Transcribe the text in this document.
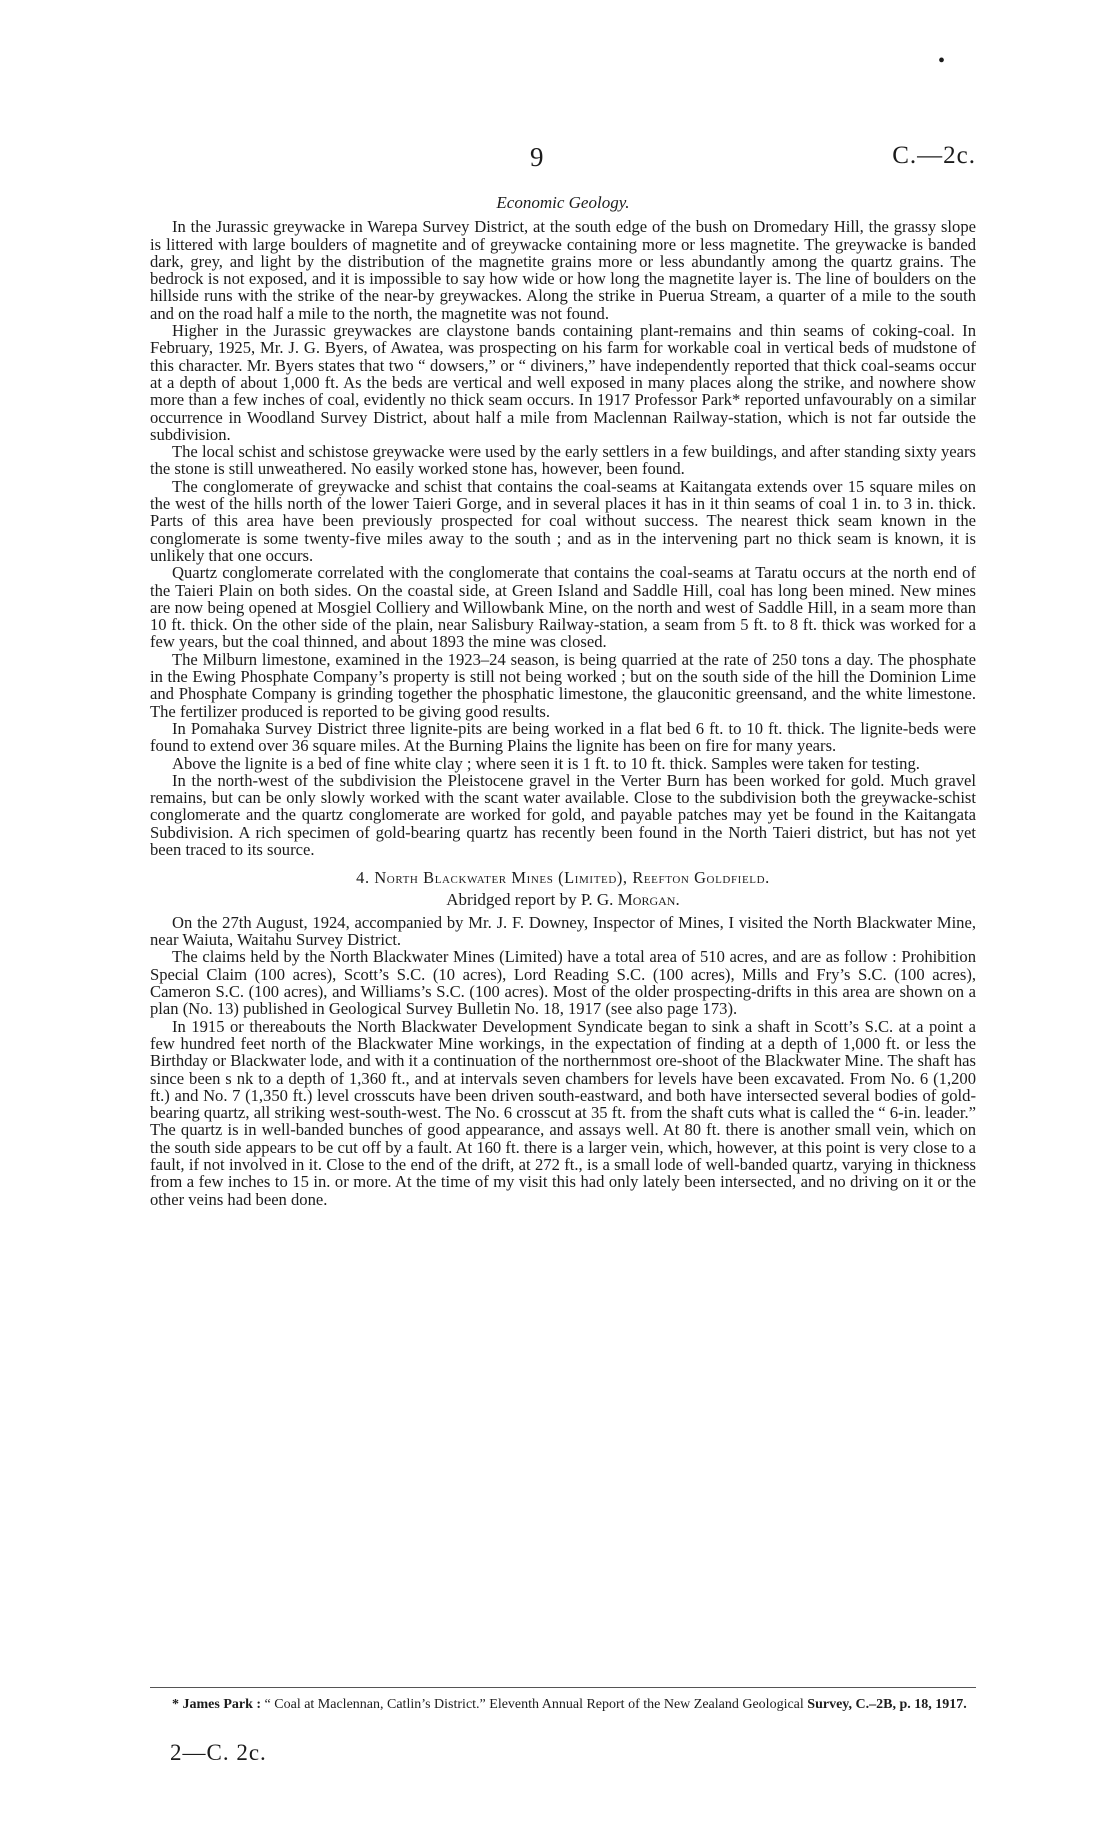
•
9	C.—2c.
Economic Geology.

In the Jurassic greywacke in Warepa Survey District, at the south edge of the bush on Dromedary Hill, the grassy slope is littered with large boulders of magnetite and of greywacke containing more or less magnetite. The greywacke is banded dark, grey, and light by the distribution of the magnetite grains more or less abundantly among the quartz grains. The bedrock is not exposed, and it is impossible to say how wide or how long the magnetite layer is. The line of boulders on the hillside runs with the strike of the near-by greywackes. Along the strike in Puerua Stream, a quarter of a mile to the south and on the road half a mile to the north, the magnetite was not found.

Higher in the Jurassic greywackes are claystone bands containing plant-remains and thin seams of coking-coal. In February, 1925, Mr. J. G. Byers, of Awatea, was prospecting on his farm for workable coal in vertical beds of mudstone of this character. Mr. Byers states that two “ dowsers,” or “ diviners,” have independently reported that thick coal-seams occur at a depth of about 1,000 ft. As the beds are vertical and well exposed in many places along the strike, and nowhere show more than a few inches of coal, evidently no thick seam occurs. In 1917 Professor Park* reported unfavourably on a similar occurrence in Woodland Survey District, about half a mile from Maclennan Railway-station, which is not far outside the subdivision.

The local schist and schistose greywacke were used by the early settlers in a few buildings, and after standing sixty years the stone is still unweathered. No easily worked stone has, however, been found.

The conglomerate of greywacke and schist that contains the coal-seams at Kaitangata extends over 15 square miles on the west of the hills north of the lower Taieri Gorge, and in several places it has in it thin seams of coal 1 in. to 3 in. thick. Parts of this area have been previously prospected for coal without success. The nearest thick seam known in the conglomerate is some twenty-five miles away to the south ; and as in the intervening part no thick seam is known, it is unlikely that one occurs.

Quartz conglomerate correlated with the conglomerate that contains the coal-seams at Taratu occurs at the north end of the Taieri Plain on both sides. On the coastal side, at Green Island and Saddle Hill, coal has long been mined. New mines are now being opened at Mosgiel Colliery and Willowbank Mine, on the north and west of Saddle Hill, in a seam more than 10 ft. thick. On the other side of the plain, near Salisbury Railway-station, a seam from 5 ft. to 8 ft. thick was worked for a few years, but the coal thinned, and about 1893 the mine was closed.

The Milburn limestone, examined in the 1923–24 season, is being quarried at the rate of 250 tons a day. The phosphate in the Ewing Phosphate Company’s property is still not being worked ; but on the south side of the hill the Dominion Lime and Phosphate Company is grinding together the phosphatic limestone, the glauconitic greensand, and the white limestone. The fertilizer produced is reported to be giving good results.

In Pomahaka Survey District three lignite-pits are being worked in a flat bed 6 ft. to 10 ft. thick. The lignite-beds were found to extend over 36 square miles. At the Burning Plains the lignite has been on fire for many years.

Above the lignite is a bed of fine white clay ; where seen it is 1 ft. to 10 ft. thick. Samples were taken for testing.

In the north-west of the subdivision the Pleistocene gravel in the Verter Burn has been worked for gold. Much gravel remains, but can be only slowly worked with the scant water available. Close to the subdivision both the greywacke-schist conglomerate and the quartz conglomerate are worked for gold, and payable patches may yet be found in the Kaitangata Subdivision. A rich specimen of gold-bearing quartz has recently been found in the North Taieri district, but has not yet been traced to its source.

4. North Blackwater Mines (Limited), Reefton Goldfield.
Abridged report by P. G. Morgan.

On the 27th August, 1924, accompanied by Mr. J. F. Downey, Inspector of Mines, I visited the North Blackwater Mine, near Waiuta, Waitahu Survey District.

The claims held by the North Blackwater Mines (Limited) have a total area of 510 acres, and are as follow : Prohibition Special Claim (100 acres), Scott’s S.C. (10 acres), Lord Reading S.C. (100 acres), Mills and Fry’s S.C. (100 acres), Cameron S.C. (100 acres), and Williams’s S.C. (100 acres). Most of the older prospecting-drifts in this area are shown on a plan (No. 13) published in Geological Survey Bulletin No. 18, 1917 (see also page 173).

In 1915 or thereabouts the North Blackwater Development Syndicate began to sink a shaft in Scott’s S.C. at a point a few hundred feet north of the Blackwater Mine workings, in the expectation of finding at a depth of 1,000 ft. or less the Birthday or Blackwater lode, and with it a continuation of the northernmost ore-shoot of the Blackwater Mine. The shaft has since been s nk to a depth of 1,360 ft., and at intervals seven chambers for levels have been excavated. From No. 6 (1,200 ft.) and No. 7 (1,350 ft.) level crosscuts have been driven south-eastward, and both have intersected several bodies of gold-bearing quartz, all striking west-south-west. The No. 6 crosscut at 35 ft. from the shaft cuts what is called the “ 6-in. leader.” The quartz is in well-banded bunches of good appearance, and assays well. At 80 ft. there is another small vein, which on the south side appears to be cut off by a fault. At 160 ft. there is a larger vein, which, however, at this point is very close to a fault, if not involved in it. Close to the end of the drift, at 272 ft., is a small lode of well-banded quartz, varying in thickness from a few inches to 15 in. or more. At the time of my visit this had only lately been intersected, and no driving on it or the other veins had been done.

* James Park : “ Coal at Maclennan, Catlin’s District.” Eleventh Annual Report of the New Zealand Geological Survey, C.–2B, p. 18, 1917.
2—C. 2c.
